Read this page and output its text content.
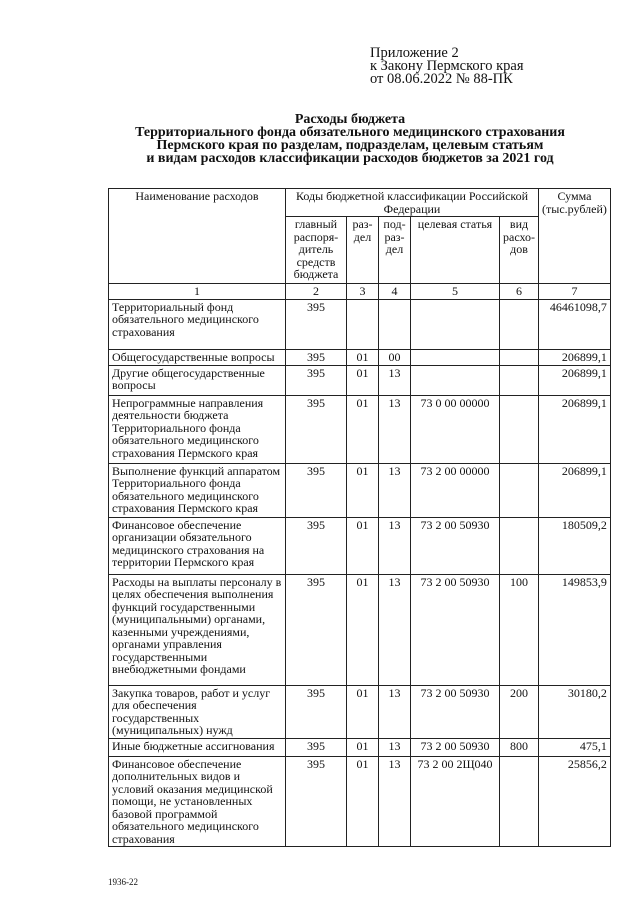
Приложение 2
к Закону Пермского края
от 08.06.2022 № 88-ПК
Расходы бюджета
Территориального фонда обязательного медицинского страхования
Пермского края по разделам, подразделам, целевым статьям
и видам расходов классификации расходов бюджетов за 2021 год
Наименование расходов	Коды бюджетной классификации Российской Федерации					Сумма (тыс.рублей)
	главный распоря-дитель средств бюджета	раз-дел	под-раз-дел	целевая статья	вид расхо-дов	
1	2	3	4	5	6	7
Территориальный фонд обязательного медицинского страхования	395					46461098,7
Общегосударственные вопросы	395	01	00			206899,1
Другие общегосударственные вопросы	395	01	13			206899,1
Непрограммные направления деятельности бюджета Территориального фонда обязательного медицинского страхования Пермского края	395	01	13	73 0 00 00000		206899,1
Выполнение функций аппаратом Территориального фонда обязательного медицинского страхования Пермского края	395	01	13	73 2 00 00000		206899,1
Финансовое обеспечение организации обязательного медицинского страхования на территории Пермского края	395	01	13	73 2 00 50930		180509,2
Расходы на выплаты персоналу в целях обеспечения выполнения функций государственными (муниципальными) органами, казенными учреждениями, органами управления государственными внебюджетными фондами	395	01	13	73 2 00 50930	100	149853,9
Закупка товаров, работ и услуг для обеспечения государственных (муниципальных) нужд	395	01	13	73 2 00 50930	200	30180,2
Иные бюджетные ассигнования	395	01	13	73 2 00 50930	800	475,1
Финансовое обеспечение дополнительных видов и условий оказания медицинской помощи, не установленных базовой программой обязательного медицинского страхования	395	01	13	73 2 00 2Щ040		25856,2
1936-22
